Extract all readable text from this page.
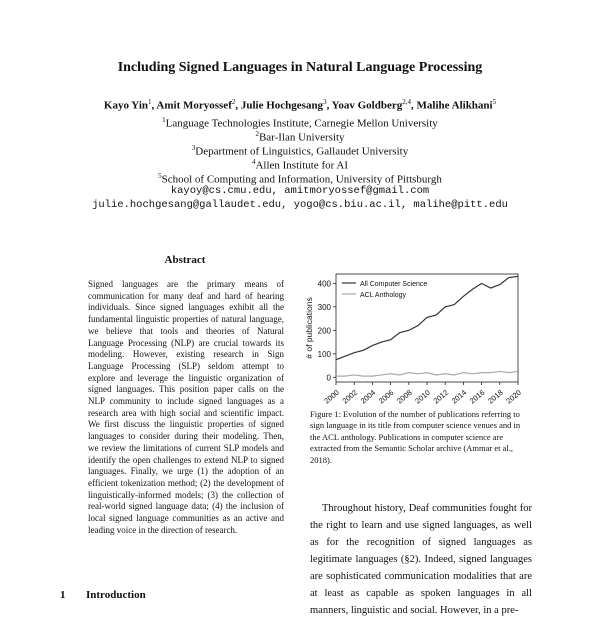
Including Signed Languages in Natural Language Processing
Kayo Yin$^1$, Amit Moryossef$^2$, Julie Hochgesang$^3$, Yoav Goldberg$^{2,4}$, Malihe Alikhani$^5$
$^1$Language Technologies Institute, Carnegie Mellon University
$^2$Bar-Ilan University
$^3$Department of Linguistics, Gallaudet University
$^4$Allen Institute for AI
$^5$School of Computing and Information, University of Pittsburgh
kayoy@cs.cmu.edu, amitmoryossef@gmail.com
julie.hochgesang@gallaudet.edu, yogo@cs.biu.ac.il, malihe@pitt.edu
Abstract

Signed languages are the primary means of communication for many deaf and hard of hearing individuals. Since signed languages exhibit all the fundamental linguistic properties of natural language, we believe that tools and theories of Natural Language Processing (NLP) are crucial towards its modeling. However, existing research in Sign Language Processing (SLP) seldom attempt to explore and leverage the linguistic organization of signed languages. This position paper calls on the NLP community to include signed languages as a research area with high social and scientific impact. We first discuss the linguistic properties of signed languages to consider during their modeling. Then, we review the limitations of current SLP models and identify the open challenges to extend NLP to signed languages. Finally, we urge (1) the adoption of an efficient tokenization method; (2) the development of linguistically-informed models; (3) the collection of real-world signed language data; (4) the inclusion of local signed language communities as an active and leading voice in the direction of research.

1 Introduction
0
100
200
300
400
2000 2002 2004 2006 2008 2010 2012 2014 2016 2018 2020
# of publications
All Computer Science
ACL Anthology
Figure 1: Evolution of the number of publications referring to sign language in its title from computer science venues and in the ACL anthology. Publications in computer science are extracted from the Semantic Scholar archive (Ammar et al., 2018).

Throughout history, Deaf communities fought for the right to learn and use signed languages, as well as for the recognition of signed languages as legitimate languages (§2). Indeed, signed languages are sophisticated communication modalities that are at least as capable as spoken languages in all manners, linguistic and social. However, in a pre-
